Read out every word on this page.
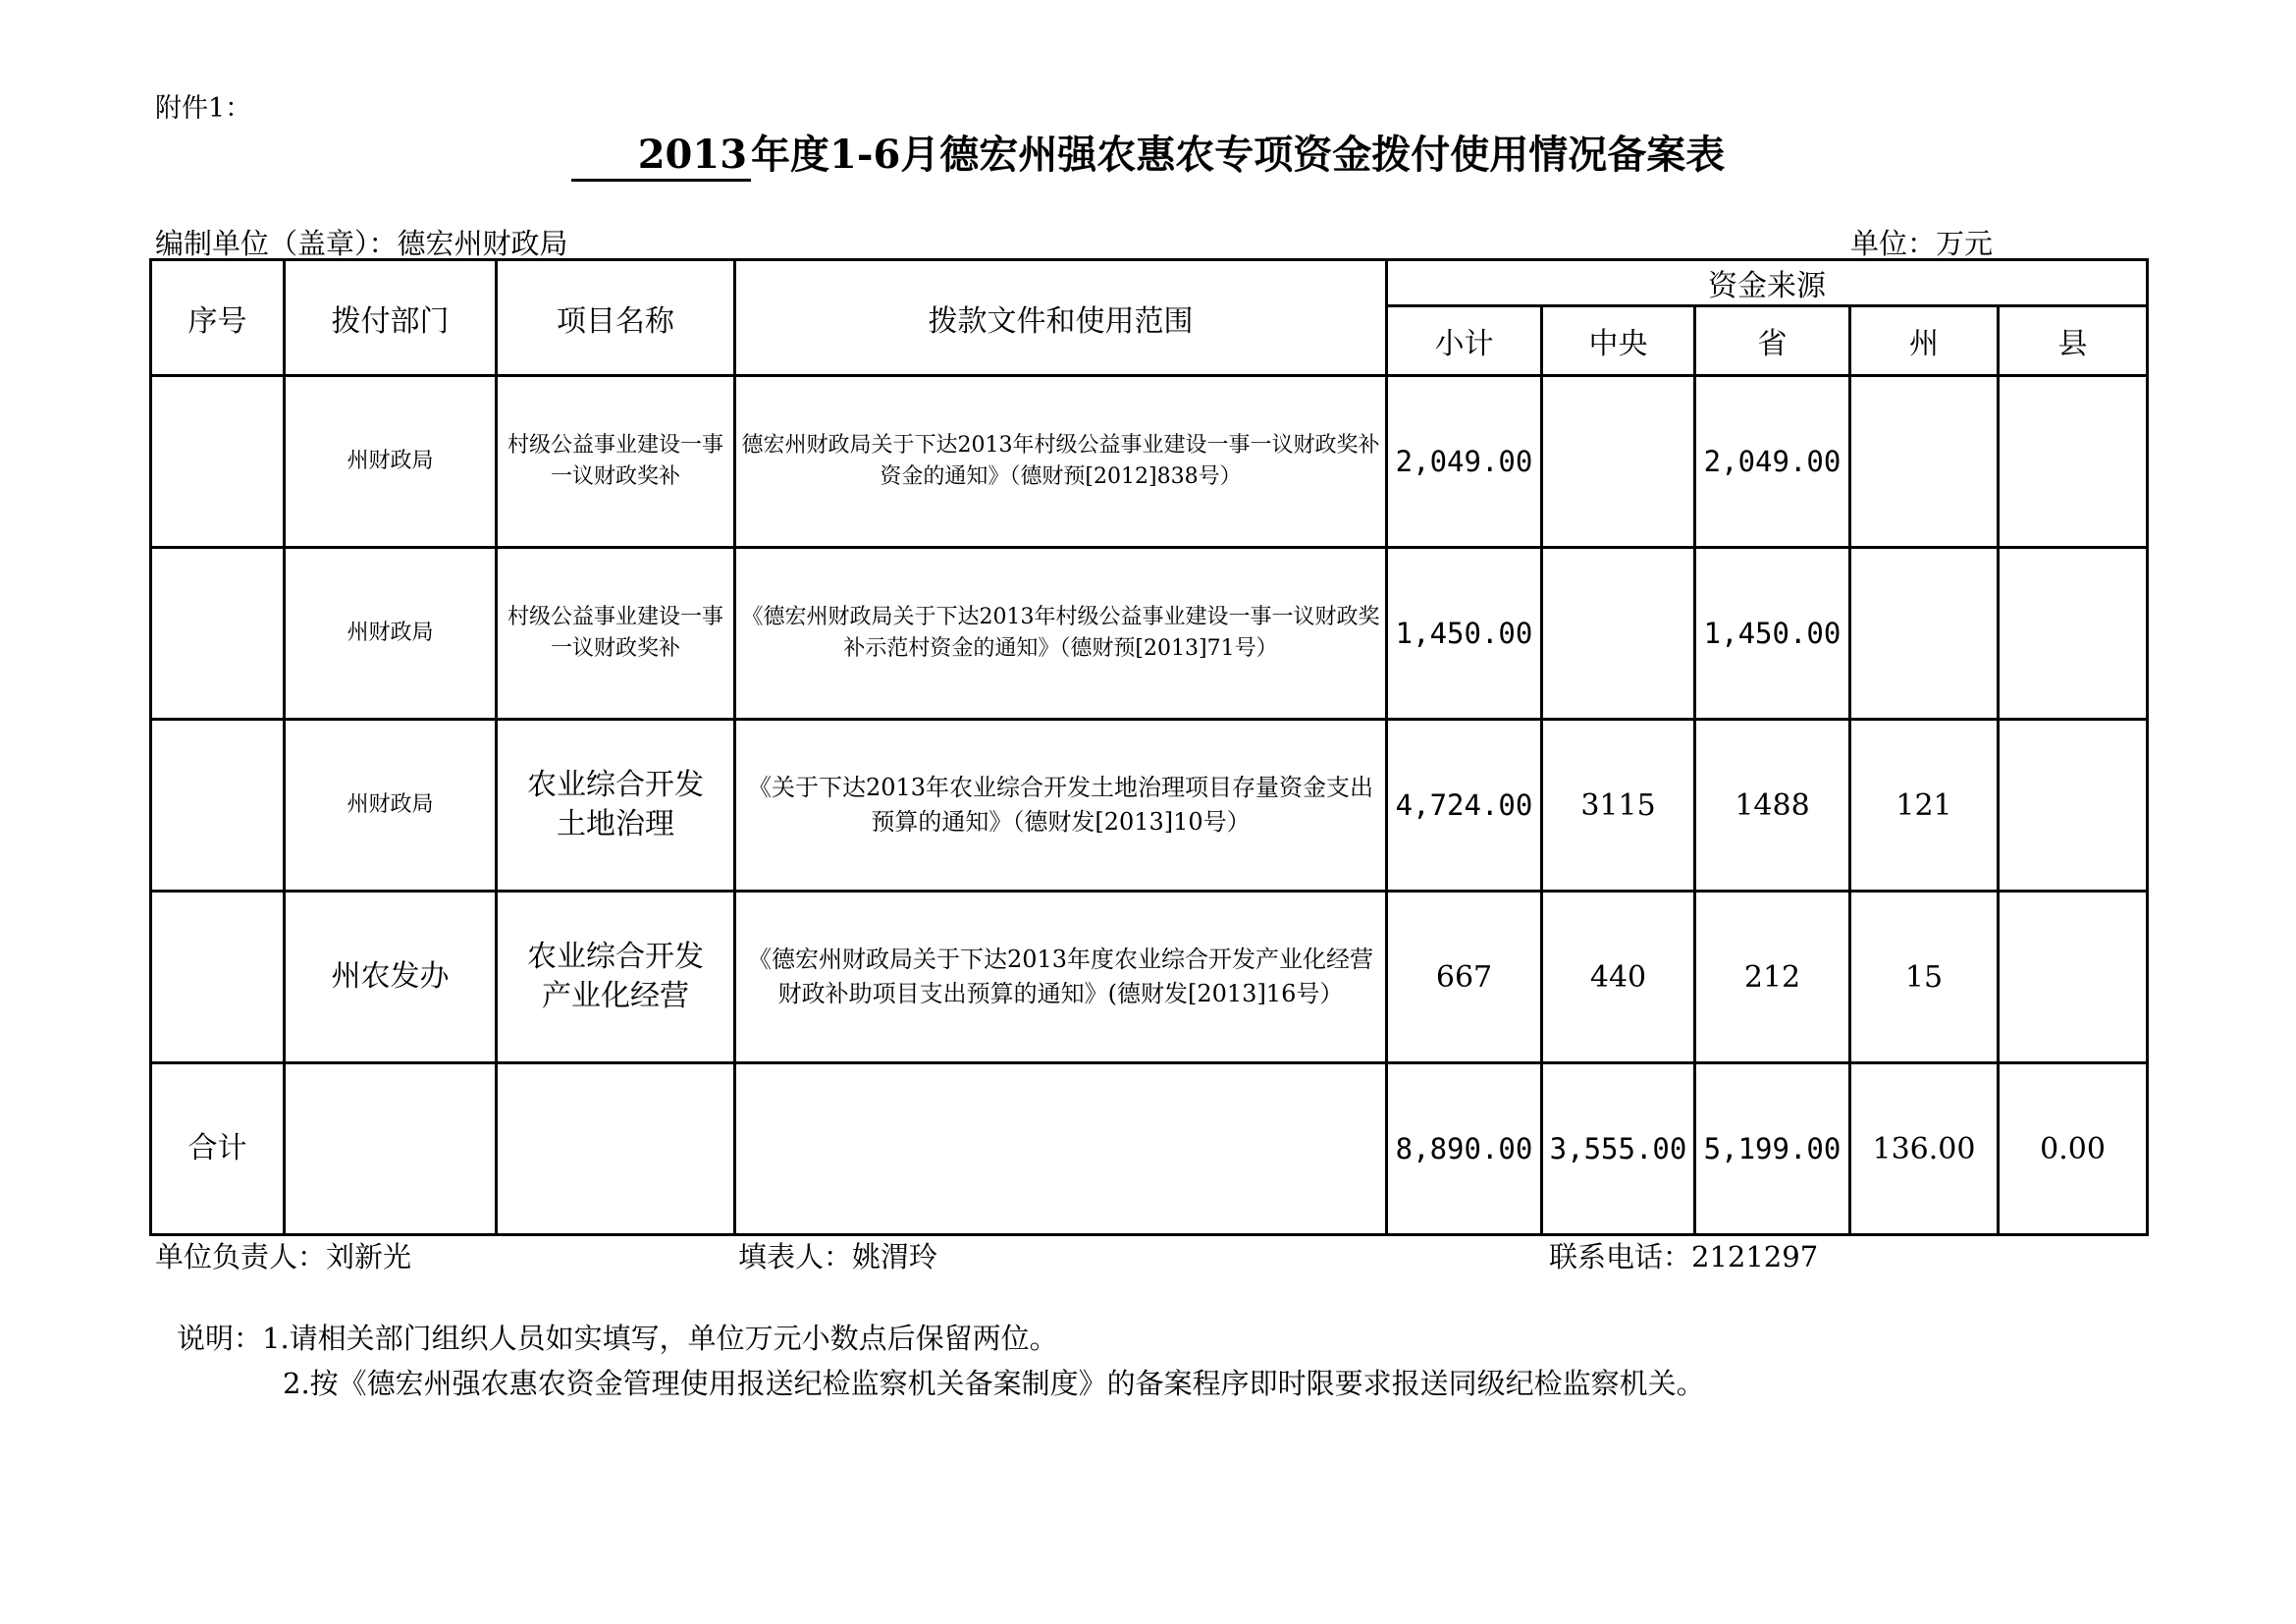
附件1：
2013 年度1-6月德宏州强农惠农专项资金拨付使用情况备案表
编制单位（盖章）：德宏州财政局	单位：万元
序号	拨付部门	项目名称	拨款文件和使用范围	资金来源				
				小计	中央	省	州	县
	州财政局	村级公益事业建设一事一议财政奖补	德宏州财政局关于下达2013年村级公益事业建设一事一议财政奖补资金的通知》（德财预[2012]838号）	2,049.00		2,049.00		
	州财政局	村级公益事业建设一事一议财政奖补	《德宏州财政局关于下达2013年村级公益事业建设一事一议财政奖补示范村资金的通知》（德财预[2013]71号）	1,450.00		1,450.00		
	州财政局	农业综合开发土地治理	《关于下达2013年农业综合开发土地治理项目存量资金支出预算的通知》（德财发[2013]10号）	4,724.00	3115	1488	121	
	州农发办	农业综合开发产业化经营	《德宏州财政局关于下达2013年度农业综合开发产业化经营财政补助项目支出预算的通知》(德财发[2013]16号）	667	440	212	15	
合计				8,890.00	3,555.00	5,199.00	136.00	0.00
单位负责人：刘新光	填表人：姚渭玲	联系电话：2121297
说明：1.请相关部门组织人员如实填写，单位万元小数点后保留两位。
2.按《德宏州强农惠农资金管理使用报送纪检监察机关备案制度》的备案程序即时限要求报送同级纪检监察机关。
